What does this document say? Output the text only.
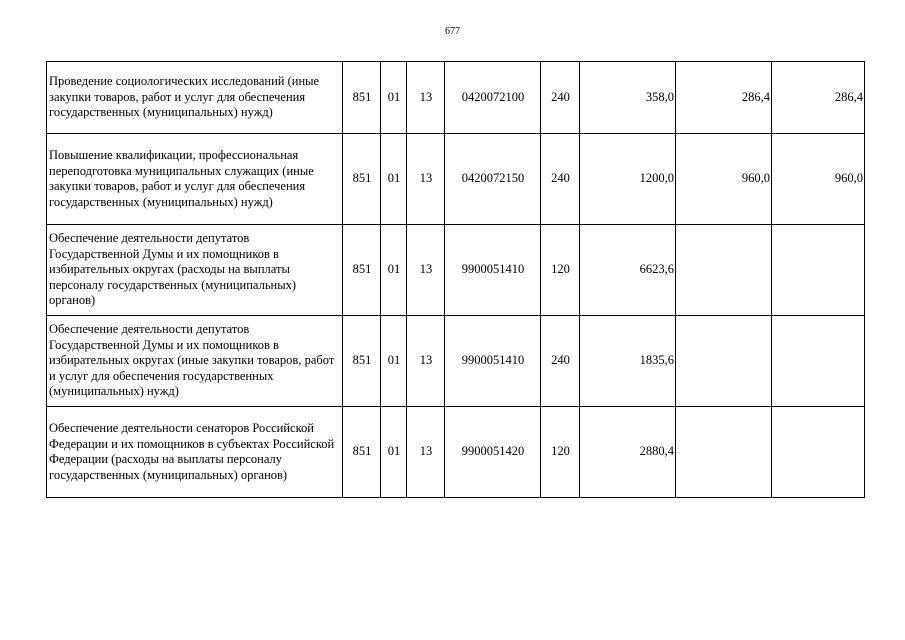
677
Проведение социологических исследований (иные закупки товаров, работ и услуг для обеспечения государственных (муниципальных) нужд)	851	01	13	0420072100	240	358,0	286,4	286,4
Повышение квалификации, профессиональная переподготовка муниципальных служащих (иные закупки товаров, работ и услуг для обеспечения государственных (муниципальных) нужд)	851	01	13	0420072150	240	1200,0	960,0	960,0
Обеспечение деятельности депутатов Государственной Думы и их помощников в избирательных округах (расходы на выплаты персоналу государственных (муниципальных) органов)	851	01	13	9900051410	120	6623,6		
Обеспечение деятельности депутатов Государственной Думы и их помощников в избирательных округах (иные закупки товаров, работ и услуг для обеспечения государственных (муниципальных) нужд)	851	01	13	9900051410	240	1835,6		
Обеспечение деятельности сенаторов Российской Федерации и их помощников в субъектах Российской Федерации (расходы на выплаты персоналу государственных (муниципальных) органов)	851	01	13	9900051420	120	2880,4		
